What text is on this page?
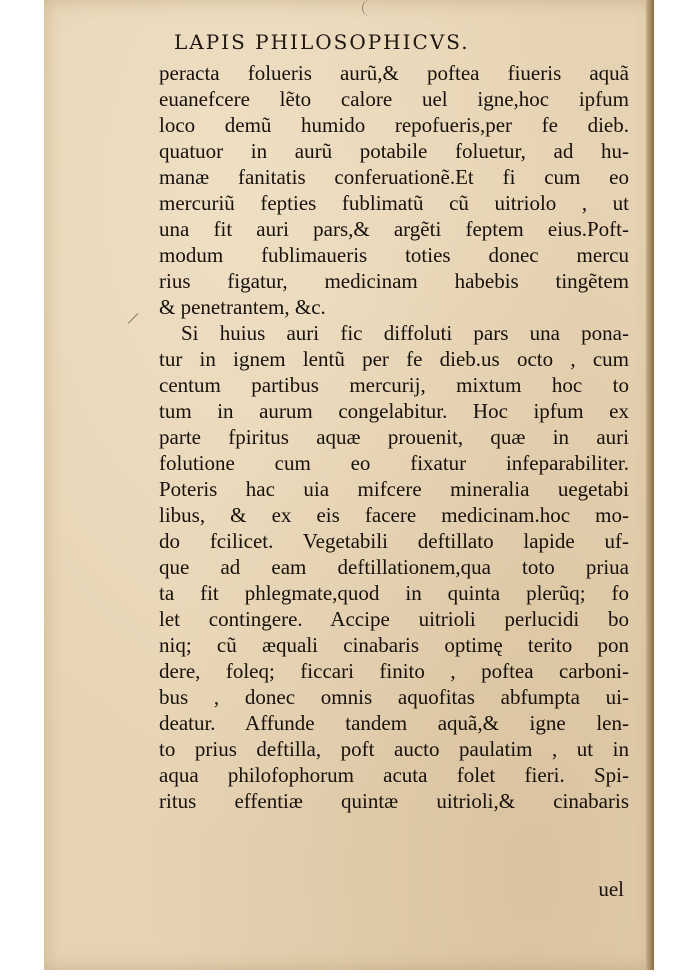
LAPIS PHILOSOPHICVS.
peracta folueris aurũ,& poftea fiueris aquã
euanefcere lẽto calore uel igne,hoc ipfum
loco demũ humido repofueris,per fe dieb.
quatuor in aurũ potabile foluetur, ad hu-
manæ fanitatis conferuationẽ.Et fi cum eo
mercuriũ fepties fublimatũ cũ uitriolo , ut
una fit auri pars,& argẽti feptem eius.Poft-
modum fublimaueris toties donec mercu
rius figatur, medicinam habebis tingẽtem
& penetrantem, &c.
Si huius auri fic diffoluti pars una pona-
tur in ignem lentũ per fe dieb.us octo , cum
centum partibus mercurij, mixtum hoc to
tum in aurum congelabitur. Hoc ipfum ex
parte fpiritus aquæ prouenit, quæ in auri
folutione cum eo fixatur infeparabiliter.
Poteris hac uia mifcere mineralia uegetabi
libus, & ex eis facere medicinam.hoc mo-
do fcilicet. Vegetabili deftillato lapide uf-
que ad eam deftillationem,qua toto priua
ta fit phlegmate,quod in quinta plerũq; fo
let contingere. Accipe uitrioli perlucidi bo
niq; cũ æquali cinabaris optimę terito pon
dere, foleq; ficcari finito , poftea carboni-
bus , donec omnis aquofitas abfumpta ui-
deatur. Affunde tandem aquã,& igne len-
to prius deftilla, poft aucto paulatim , ut in
aqua philofophorum acuta folet fieri. Spi-
ritus effentiæ quintæ uitrioli,& cinabaris
uel
